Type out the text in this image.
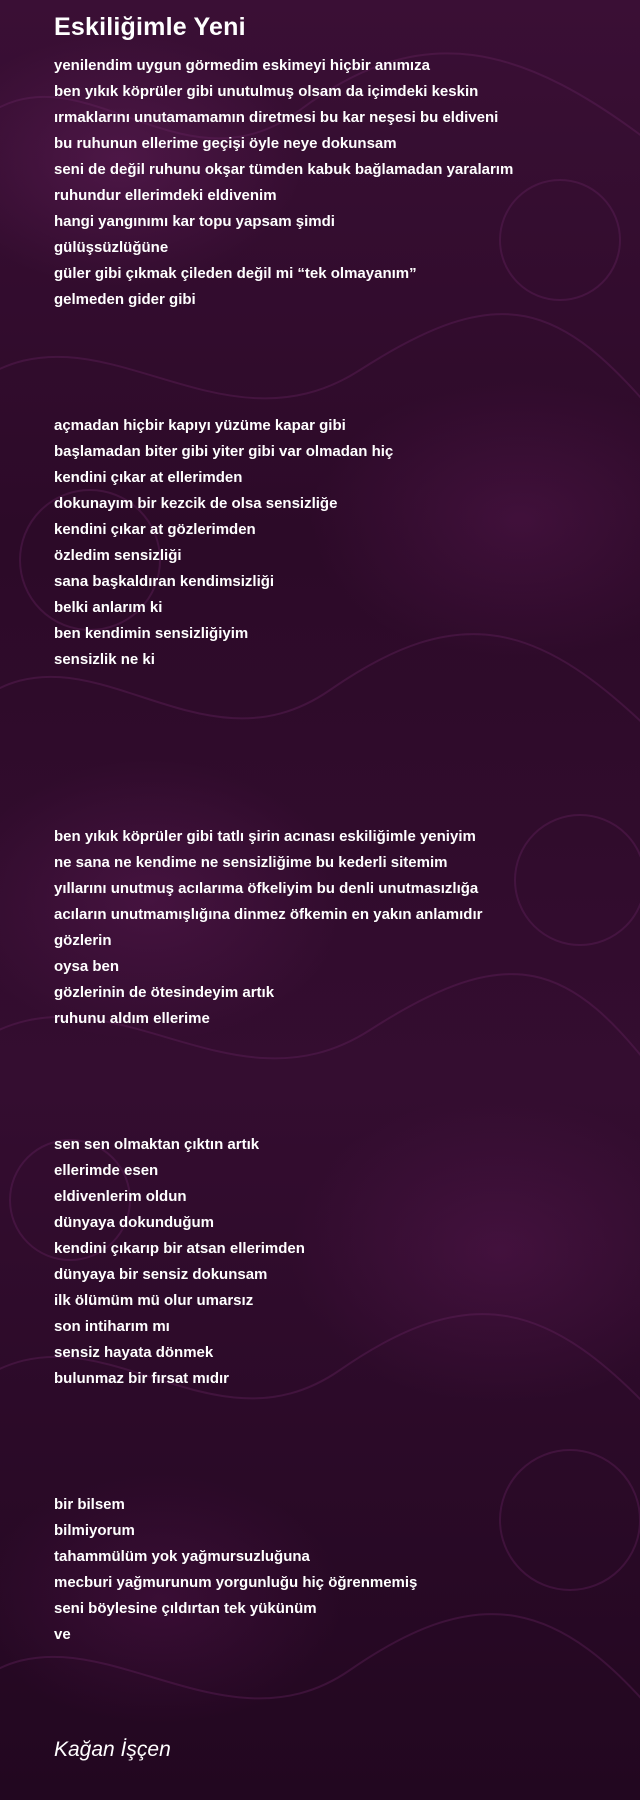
Eskiliğimle Yeni
yenilendim uygun görmedim eskimeyi hiçbir anımıza
ben yıkık köprüler gibi unutulmuş olsam da içimdeki keskin
ırmaklarını unutamamamın diretmesi bu kar neşesi bu eldiveni
bu ruhunun ellerime geçişi öyle neye dokunsam
seni de değil ruhunu okşar tümden kabuk bağlamadan yaralarım
ruhundur ellerimdeki eldivenim
hangi yangınımı kar topu yapsam şimdi
gülüşsüzlüğüne
güler gibi çıkmak çileden değil mi “tek olmayanım”
gelmeden gider gibi
açmadan hiçbir kapıyı yüzüme kapar gibi
başlamadan biter gibi yiter gibi var olmadan hiç
kendini çıkar at ellerimden
dokunayım bir kezcik de olsa sensizliğe
kendini çıkar at gözlerimden
özledim sensizliği
sana başkaldıran kendimsizliği
belki anlarım ki
ben kendimin sensizliğiyim
sensizlik ne ki
ben yıkık köprüler gibi tatlı şirin acınası eskiliğimle yeniyim
ne sana ne kendime ne sensizliğime bu kederli sitemim
yıllarını unutmuş acılarıma öfkeliyim bu denli unutmasızlığa
acıların unutmamışlığına dinmez öfkemin en yakın anlamıdır
gözlerin
oysa ben
gözlerinin de ötesindeyim artık
ruhunu aldım ellerime
sen sen olmaktan çıktın artık
ellerimde esen
eldivenlerim oldun
dünyaya dokunduğum
kendini çıkarıp bir atsan ellerimden
dünyaya bir sensiz dokunsam
ilk ölümüm mü olur umarsız
son intiharım mı
sensiz hayata dönmek
bulunmaz bir fırsat mıdır
bir bilsem
bilmiyorum
tahammülüm yok yağmursuzluğuna
mecburi yağmurunum yorgunluğu hiç öğrenmemiş
seni böylesine çıldırtan tek yükünüm
ve
Kağan İşçen
